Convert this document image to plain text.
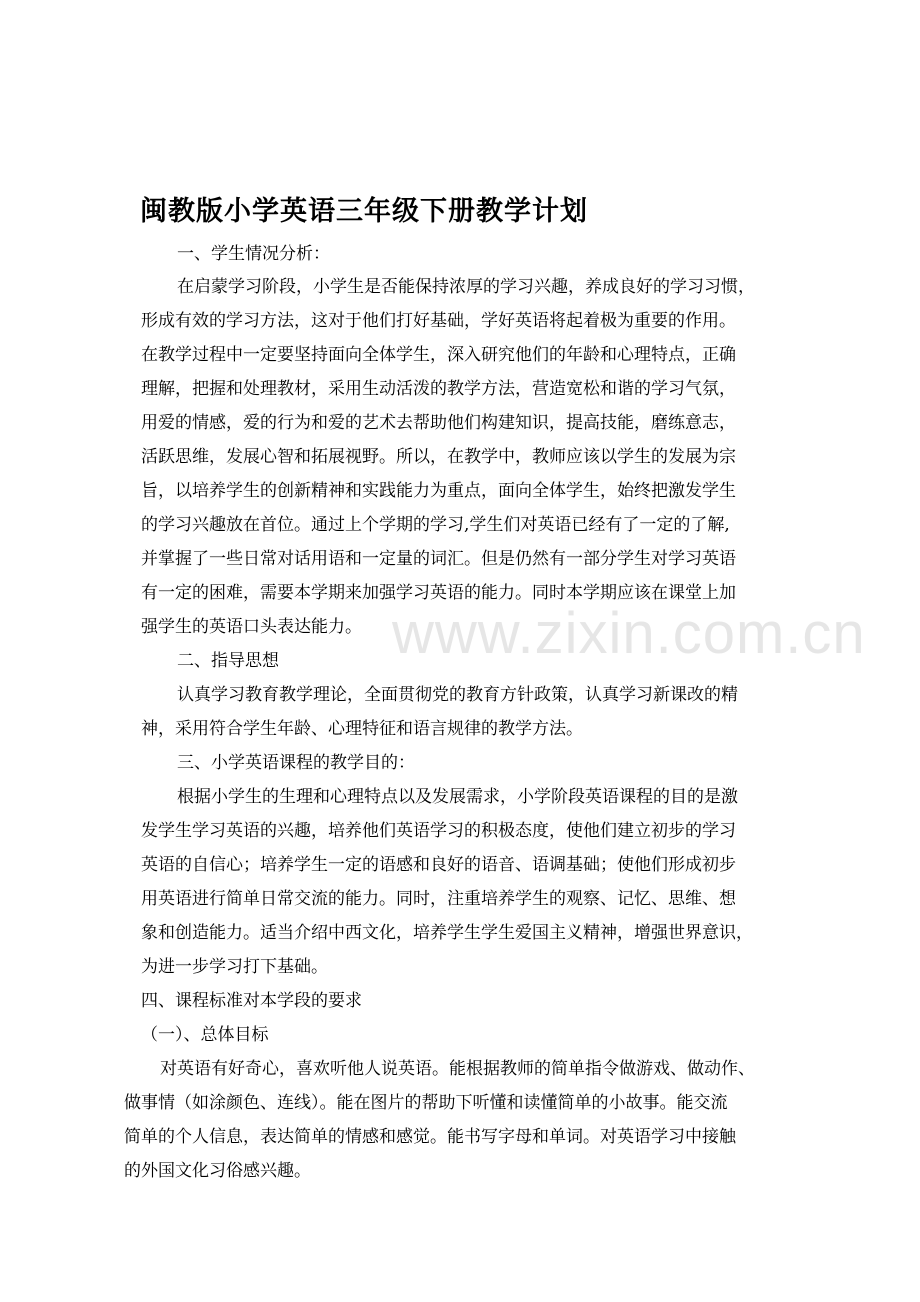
www.zixin.com.cn
闽教版小学英语三年级下册教学计划
一、学生情况分析：
在启蒙学习阶段，小学生是否能保持浓厚的学习兴趣，养成良好的学习习惯，
形成有效的学习方法，这对于他们打好基础，学好英语将起着极为重要的作用。
在教学过程中一定要坚持面向全体学生，深入研究他们的年龄和心理特点，正确
理解，把握和处理教材，采用生动活泼的教学方法，营造宽松和谐的学习气氛，
用爱的情感，爱的行为和爱的艺术去帮助他们构建知识，提高技能，磨练意志，
活跃思维，发展心智和拓展视野。所以，在教学中，教师应该以学生的发展为宗
旨，以培养学生的创新精神和实践能力为重点，面向全体学生，始终把激发学生
的学习兴趣放在首位。通过上个学期的学习,学生们对英语已经有了一定的了解,
并掌握了一些日常对话用语和一定量的词汇。但是仍然有一部分学生对学习英语
有一定的困难，需要本学期来加强学习英语的能力。同时本学期应该在课堂上加
强学生的英语口头表达能力。
二、指导思想
认真学习教育教学理论，全面贯彻党的教育方针政策，认真学习新课改的精
神，采用符合学生年龄、心理特征和语言规律的教学方法。
三、小学英语课程的教学目的：
根据小学生的生理和心理特点以及发展需求，小学阶段英语课程的目的是激
发学生学习英语的兴趣，培养他们英语学习的积极态度，使他们建立初步的学习
英语的自信心；培养学生一定的语感和良好的语音、语调基础；使他们形成初步
用英语进行简单日常交流的能力。同时，注重培养学生的观察、记忆、思维、想
象和创造能力。适当介绍中西文化，培养学生学生爱国主义精神，增强世界意识，
为进一步学习打下基础。
四、课程标准对本学段的要求
（一）、总体目标
对英语有好奇心，喜欢听他人说英语。能根据教师的简单指令做游戏、做动作、
做事情（如涂颜色、连线）。能在图片的帮助下听懂和读懂简单的小故事。能交流
简单的个人信息，表达简单的情感和感觉。能书写字母和单词。对英语学习中接触
的外国文化习俗感兴趣。
